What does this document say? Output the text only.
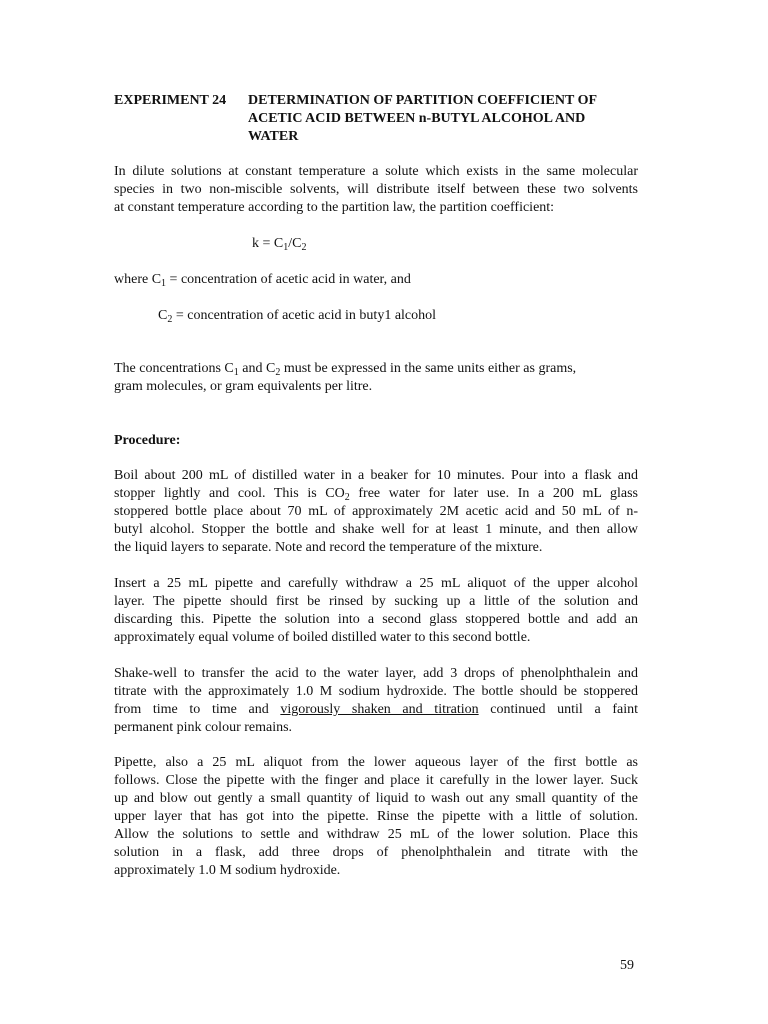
EXPERIMENT 24 DETERMINATION OF PARTITION COEFFICIENT OF
ACETIC ACID BETWEEN n-BUTYL ALCOHOL AND
WATER
In dilute solutions at constant temperature a solute which exists in the same molecular
species in two non-miscible solvents, will distribute itself between these two solvents
at constant temperature according to the partition law, the partition coefficient:
$k = C_1/C_2$
where $C_1$ = concentration of acetic acid in water, and
$C_2$ = concentration of acetic acid in buty1 alcohol
The concentrations $C_1$ and $C_2$ must be expressed in the same units either as grams,
gram molecules, or gram equivalents per litre.
Procedure:
Boil about 200 mL of distilled water in a beaker for 10 minutes. Pour into a flask and
stopper lightly and cool. This is $CO_2$ free water for later use. In a 200 mL glass
stoppered bottle place about 70 mL of approximately 2M acetic acid and 50 mL of n-
butyl alcohol. Stopper the bottle and shake well for at least 1 minute, and then allow
the liquid layers to separate. Note and record the temperature of the mixture.
Insert a 25 mL pipette and carefully withdraw a 25 mL aliquot of the upper alcohol
layer. The pipette should first be rinsed by sucking up a little of the solution and
discarding this. Pipette the solution into a second glass stoppered bottle and add an
approximately equal volume of boiled distilled water to this second bottle.
Shake-well to transfer the acid to the water layer, add 3 drops of phenolphthalein and
titrate with the approximately 1.0 M sodium hydroxide. The bottle should be stoppered
from time to time and vigorously shaken and titration continued until a faint
permanent pink colour remains.
Pipette, also a 25 mL aliquot from the lower aqueous layer of the first bottle as
follows. Close the pipette with the finger and place it carefully in the lower layer. Suck
up and blow out gently a small quantity of liquid to wash out any small quantity of the
upper layer that has got into the pipette. Rinse the pipette with a little of solution.
Allow the solutions to settle and withdraw 25 mL of the lower solution. Place this
solution in a flask, add three drops of phenolphthalein and titrate with the
approximately 1.0 M sodium hydroxide.
59
